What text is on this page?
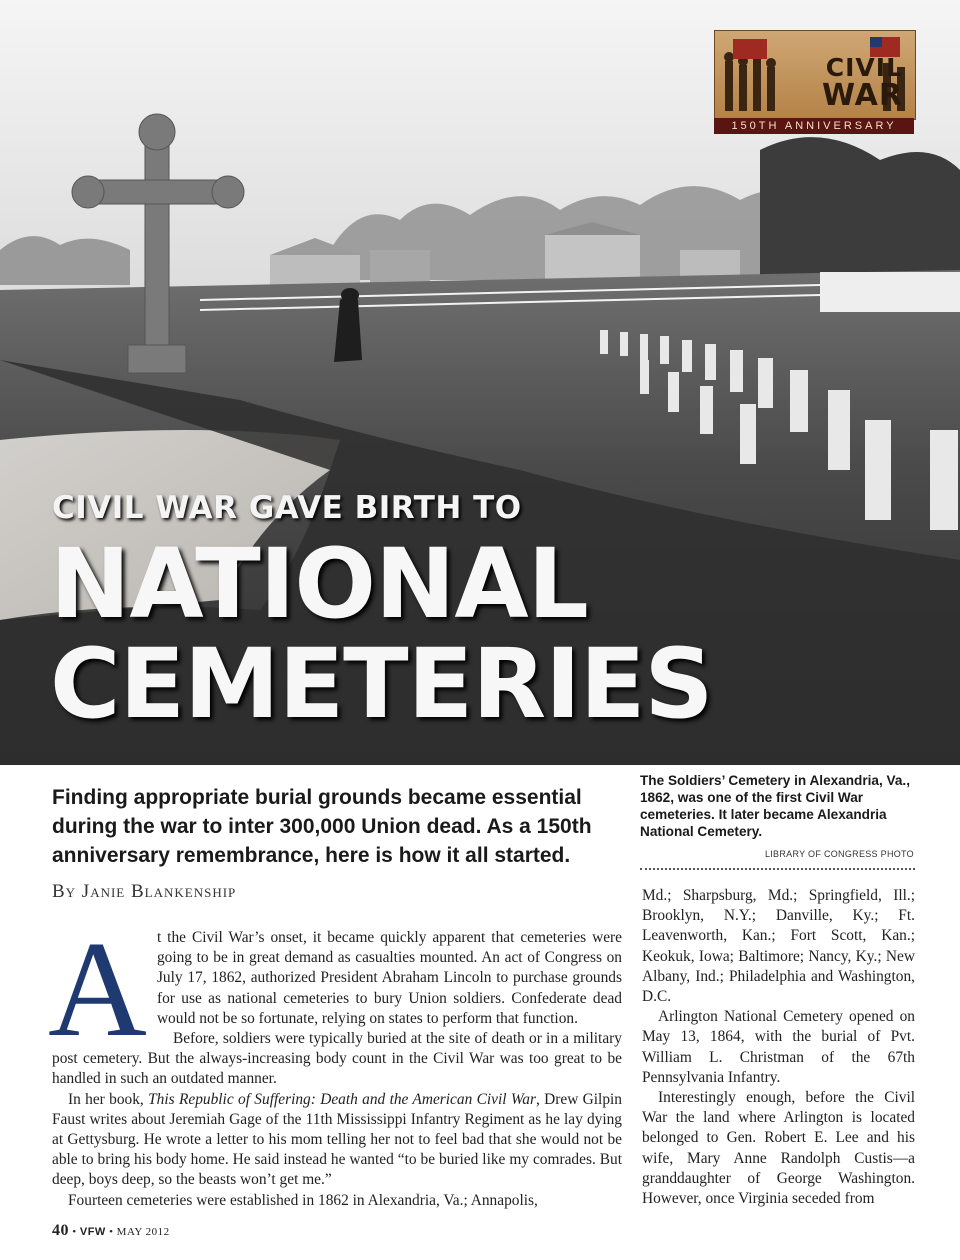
CIVIL
WAR
150TH ANNIVERSARY
CIVIL WAR GAVE BIRTH TO
NATIONAL
CEMETERIES
The Soldiers’ Cemetery in Alexandria, Va., 1862, was one of the first Civil War cemeteries. It later became Alexandria National Cemetery.
LIBRARY OF CONGRESS PHOTO
Finding appropriate burial grounds became essential during the war to inter 300,000 Union dead. As a 150th anniversary remembrance, here is how it all started.
By Janie Blankenship
A t the Civil War’s onset, it became quickly apparent that cemeteries were going to be in great demand as casualties mounted. An act of Congress on July 17, 1862, authorized President Abraham Lincoln to purchase grounds for use as national cemeteries to bury Union soldiers. Confederate dead would not be so fortunate, relying on states to perform that function.

Before, soldiers were typically buried at the site of death or in a military post cemetery. But the always-increasing body count in the Civil War was too great to be handled in such an outdated manner.

In her book, This Republic of Suffering: Death and the American Civil War, Drew Gilpin Faust writes about Jeremiah Gage of the 11th Mississippi Infantry Regiment as he lay dying at Gettysburg. He wrote a letter to his mom telling her not to feel bad that she would not be able to bring his body home. He said instead he wanted “to be buried like my comrades. But deep, boys deep, so the beasts won’t get me.”

Fourteen cemeteries were established in 1862 in Alexandria, Va.; Annapolis,

Md.; Sharpsburg, Md.; Springfield, Ill.; Brooklyn, N.Y.; Danville, Ky.; Ft. Leavenworth, Kan.; Fort Scott, Kan.; Keokuk, Iowa; Baltimore; Nancy, Ky.; New Albany, Ind.; Philadelphia and Washington, D.C.

Arlington National Cemetery opened on May 13, 1864, with the burial of Pvt. William L. Christman of the 67th Pennsylvania Infantry.

Interestingly enough, before the Civil War the land where Arlington is located belonged to Gen. Robert E. Lee and his wife, Mary Anne Randolph Custis—a granddaughter of George Washington. However, once Virginia seceded from

40 • VFW • MAY 2012
